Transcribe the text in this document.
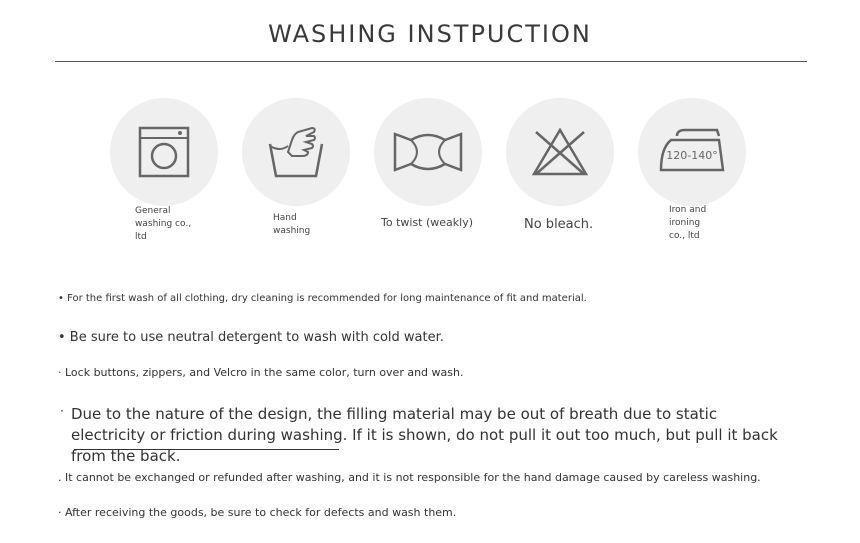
WASHING INSTPUCTION
General
washing co.,
ltd
Hand
washing
To twist (weakly)	No bleach.
120-140°
Iron and
ironing
co., ltd
• For the first wash of all clothing, dry cleaning is recommended for long maintenance of fit and material.
• Be sure to use neutral detergent to wash with cold water.
· Lock buttons, zippers, and Velcro in the same color, turn over and wash.
· Due to the nature of the design, the filling material may be out of breath due to static electricity or friction during washing. If it is shown, do not pull it out too much, but pull it back from the back.
. It cannot be exchanged or refunded after washing, and it is not responsible for the hand damage caused by careless washing.
· After receiving the goods, be sure to check for defects and wash them.
